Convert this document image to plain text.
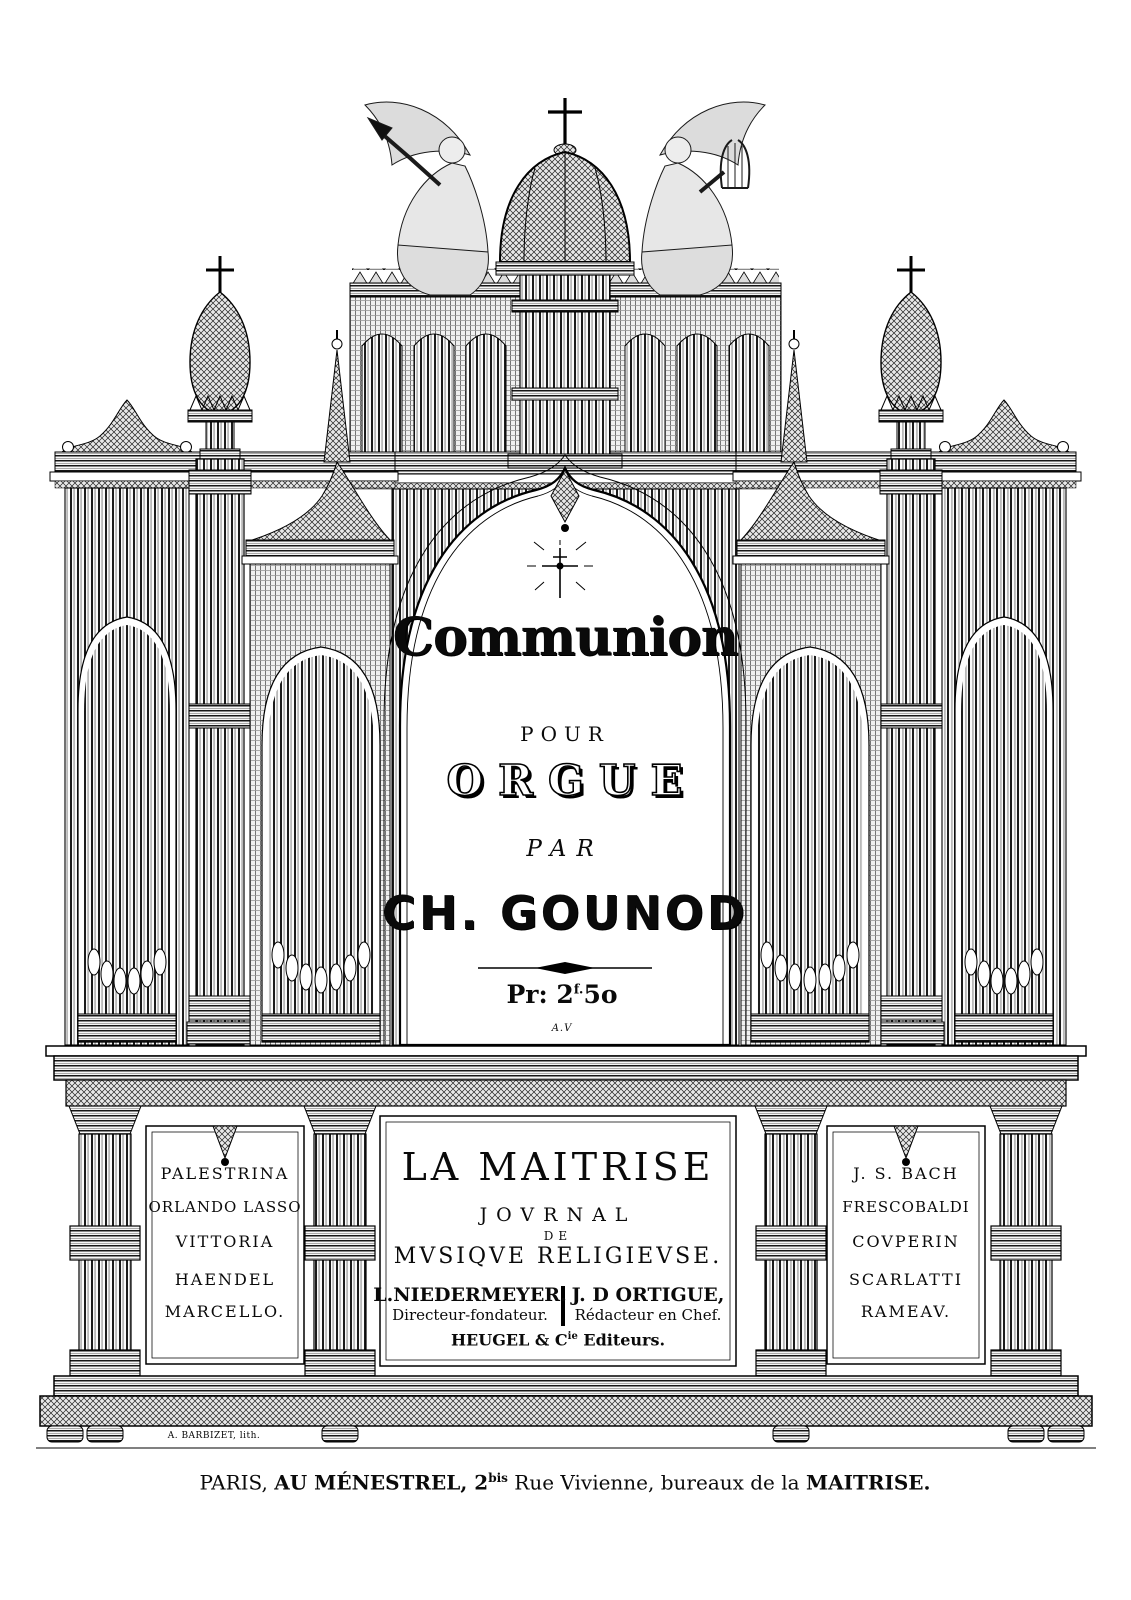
Communion
POUR
ORGUE
PAR
CH. GOUNOD
Pr: $2^{f.}5o$
A.V
PALESTRINA
ORLANDO LASSO
VITTORIA
HAENDEL
MARCELLO.
J. S. BACH
FRESCOBALDI
COVPERIN
SCARLATTI
RAMEAV.
LA MAITRISE
JOVRNAL
DE
MVSIQVE RELIGIEVSE.
L.NIEDERMEYER.
Directeur-fondateur.
J. D ORTIGUE,
Rédacteur en Chef.
HEUGEL & $C^{ie}$ Editeurs.
A. BARBIZET, lith.
PARIS, AU MÉNESTREL, $2^{bis}$ Rue Vivienne, bureaux de la MAITRISE.
